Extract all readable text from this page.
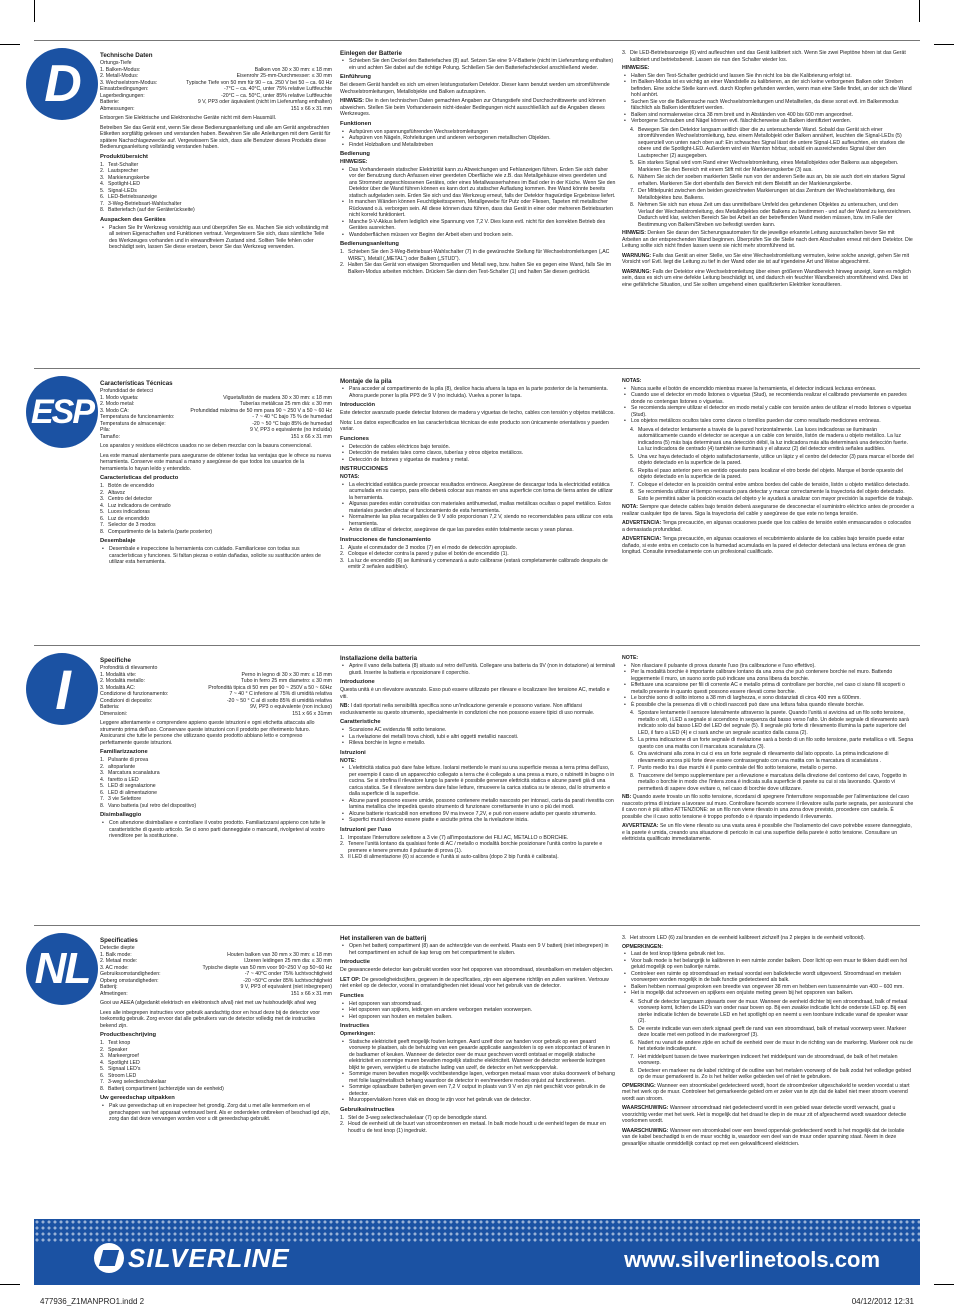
D	Technische Daten
Ortungs-Tiefe
1. Balken-Modus:	Balken von 30 x 30 mm: ≤ 18 mm
2. Metall-Modus:	Eisenrohr 25-mm-Durchmesser: ≤ 30 mm
3. Wechselstrom-Modus:	Typische Tiefe von 50 mm für 90 – ca. 250 V bei 50 – ca. 60 Hz
Einsatzbedingungen:	-7°C – ca. 40°C, unter 75% relative Luftfeuchte
Lagerbedingungen:	-20°C – ca. 50°C, unter 85% relative Luftfeuchte
Batterie:	9 V, PP3 oder äquivalent (nicht im Lieferumfang enthalten)
Abmessungen:	151 x 66 x 31 mm

Entsorgen Sie Elektrische und Elektronische Geräte nicht mit dem Hausmüll.

Betreiben Sie das Gerät erst, wenn Sie diese Bedienungsanleitung und alle am Gerät angebrachten Etiketten sorgfältig gelesen und verstanden haben. Bewahren Sie alle Anleitungen mit dem Gerät für spätere Nachschlagezwecke auf. Vergewissern Sie sich, dass alle Benutzer dieses Produkts diese Bedienungsanleitung vollständig verstanden haben.

Produktübersicht
1. Test-Schalter
2. Lautsprecher
3. Markierungskerbe
4. Spotlight-LED
5. Signal-LEDs
6. LED-Betriebsanzeige
7. 3-Weg-Betriebsart-Wahlschalter
8. Batteriefach (auf der Geräterückseite)
Auspacken des Gerätes
• Packen Sie Ihr Werkzeug vorsichtig aus und überprüfen Sie es. Machen Sie sich vollständig mit all seinen Eigenschaften und Funktionen vertraut. Vergewissern Sie sich, dass sämtliche Teile des Werkzeuges vorhanden und in einwandfreiem Zustand sind. Sollten Teile fehlen oder beschädigt sein, lassen Sie diese ersetzen, bevor Sie das Werkzeug verwenden.
Einlegen der Batterie
• Schieben Sie den Deckel des Batteriefaches (8) auf. Setzen Sie eine 9-V-Batterie (nicht im Lieferumfang enthalten) ein und achten Sie dabei auf die richtige Polung. Schließen Sie den Batteriefachdeckel anschließend wieder.
Einführung

Bei diesem Gerät handelt es sich um einen leistungsstarken Detektor. Dieser kann benutzt werden um stromführende Wechselstromleitungen, Metallobjekte und Balken aufzuspüren.

HINWEIS: Die in den technischen Daten gemachten Angaben zur Ortungstiefe sind Durchschnittswerte und können abweichen. Stellen Sie beim Vorhandensein nicht-idealer Bedingungen nicht ausschließlich auf die Angaben dieses Werkzeuges.

Funktionen
• Aufspüren von spannungsführenden Wechselstromleitungen
• Aufspüren von Nägeln, Rohrleitungen und anderen verborgenen metallischen Objekten.
• Findet Holzbalken und Metallstreben
Bedienung

HINWEISE:

• Das Vorhandensein statischer Elektrizität kann zu Abweichungen und Fehlanzeigen führen. Erden Sie sich daher vor der Benutzung durch Anfassen einer geerdeten Oberfläche wie z.B. das Metallgehäuse eines geerdeten und ans Stromnetz angeschlossenen Gerätes, oder eines Metallwasserhahnes im Bad oder in der Küche. Wenn Sie den Detektor über die Wand führen können es kann dort zu statischer Aufladung kommen. Ihre Wand könnte bereits statisch aufgeladen sein. Erden Sie sich und das Werkzeug erneut, falls der Detektor fragwürdige Ergebnisse liefert.
• In manchen Wänden können Feuchtigkeitssperren, Metallgewebe für Putz oder Fliesen, Tapeten mit metallischer Rückwand o.ä. verborgen sein. All diese können dazu führen, dass das Gerät in einer oder mehreren Betriebsarten nicht korrekt funktioniert.
• Manche 9-V-Akkus liefern lediglich eine Spannung von 7,2 V. Dies kann evtl. nicht für den korrekten Betrieb des Gerätes ausreichen.
• Wandoberflächen müssen vor Beginn der Arbeit eben und trocken sein.
Bedienungsanleitung
1. Schieben Sie den 3-Weg-Betriebsart-Wahlschalter (7) in die gewünschte Stellung für Wechselstromleitungen („AC WIRE“), Metall („METAL“) oder Balken („STUD“).
2. Halten Sie das Gerät von etwaigen Stromquellen und Metall weg, bzw. halten Sie es gegen eine Wand, falls Sie im Balken-Modus arbeiten möchten. Drücken Sie dann den Test-Schalter (1) und halten Sie diesen gedrückt.
3. Die LED-Betriebsanzeige (6) wird aufleuchten und das Gerät kalibriert sich. Wenn Sie zwei Pieptöne hören ist das Gerät kalibriert und betriebsbereit. Lassen sie nun den Schalter wieder los.

HINWEISE:

• Halten Sie den Test-Schalter gedrückt und lassen Sie ihn nicht los bis die Kalibrierung erfolgt ist.
• Im Balken-Modus ist es wichtig an einer Wandstelle zu kalibrieren, an der sich keine verborgenen Balken oder Streben befinden. Eine solche Stelle kann evtl. durch Klopfen gefunden werden, wenn man eine Stelle findet, an der sich die Wand hohl anhört.
• Suchen Sie vor die Balkensuche nach Wechselstromleitungen und Metallteilen, da diese sonst evtl. im Balkenmodus fälschlich als Balken identifiziert werden.
• Balken sind normalerweise circa 38 mm breit und in Abständen von 400 bis 600 mm angeordnet.
• Verborgene Schrauben und Nägel können evtl. fälschlicherweise als Balken identifiziert werden.
4. Bewegen Sie den Detektor langsam seitlich über die zu untersuchende Wand. Sobald das Gerät sich einer stromführenden Wechselstromleitung, bzw. einem Metallobjekt oder Balken annähert, leuchten die Signal-LEDs (5) sequenziell von unten nach oben auf: Ein schwaches Signal lässt die untere Signal-LED aufleuchten, ein starkes die obere und die Spotlight-LED. Außerdem wird ein Warnton hörbar, sobald ein ausreichendes Signal über den Lautsprecher (2) ausgegeben.
5. Ein starkes Signal wird vom Rand einer Wechselstromleitung, eines Metallobjektes oder Balkens aus abgegeben. Markieren Sie den Bereich mit einem Stift mit der Markierungskerbe (3) aus.
6. Nähern Sie sich der soeben markierten Stelle nun von der anderen Seite aus an, bis sie auch dort ein starkes Signal erhalten. Markieren Sie dort ebenfalls den Bereich mit dem Bleistift an der Markierungskerbe.
7. Der Mittelpunkt zwischen den beiden gezeichneten Markierungen ist das Zentrum der Wechselstromleitung, des Metallobjektes bzw. Balkens.
8. Nehmen Sie sich nun etwas Zeit um das unmittelbare Umfeld des gefundenen Objektes zu untersuchen, und den Verlauf der Wechselstromleitung, des Metallobjektes oder Balkens zu bestimmen - und auf der Wand zu kennzeichnen. Dadurch wird klar, welchen Bereich Sie bei Arbeit an der betreffenden Wand meiden müssen, bzw. im Falle der Bestimmung von Balken/Streben wo befestigt werden kann.

HINWEIS: Denken Sie daran den Sicherungsautomaten für die jeweilige erkannte Leitung auszuschalten bevor Sie mit Arbeiten an der entsprechenden Wand beginnen. Überprüfen Sie die Stelle nach dem Abschalten erneut mit dem Detektor. Die Leitung sollte sich nicht finden lassen wenn sie nicht mehr stromführend ist.

WARNUNG: Falls das Gerät an einer Stelle, wo Sie eine Wechselstromleitung vermuten, keine solche anzeigt, gehen Sie mit Vorsicht vor! Evtl. liegt die Leitung zu tief in der Wand oder sie ist auf irgendeine Art und Weise abgeschirmt.

WARNUNG: Falls der Detektor eine Wechselstromleitung über einen größeren Wandbereich hinweg anzeigt, kann es möglich sein, dass es sich um eine defekte Leitung beschädigt ist, und dadurch ein feuchter Wandbereich stromführend wird. Dies ist eine gefährliche Situation, und Sie sollten umgehend einen qualifizierten Elektriker konsultieren.

ESP
Características Técnicas
Profundidad de detecci
1. Modo viguetа:	Vigueta/listón de madera 30 x 30 mm: ≤ 18 mm
2. Modo metal:	Tuberías metálicas 25 mm diá: ≤ 30 mm
3. Modo CA:	Profundidad máxima de 50 mm para 90 ~ 250 V a 50 ~ 60 Hz
Temperatura de funcionamiento:	- 7 ~ 40 °C bajo 75 % de humedad
Temperatura de almacenaje:	-20 ~ 50 °C bajo 85% de humedad
Pila:	9 V, PP3 o equivalente (no incluida)
Tamaño:	151 x 66 x 31 mm

Los aparatos y residuos eléctricos usados no se deben mezclar con la basura convencional.

Lea este manual atentamente para asegurarse de obtener todas las ventajas que le ofrece su nueva herramienta. Conserve este manual a mano y asegúrese de que todos los usuarios de la herramienta lo hayan leído y entendido.

Características del producto
1. Botón de encendido
2. Altavoz
3. Centro del detector
4. Luz indicadora de centrado
5. Luces indicadoras
6. Luz de encendido
7. Selector de 3 modos
8. Compartimento de la batería (parte posterior)
Desembalaje
• Desembale e inspeccione la herramienta con cuidado. Familiarícese con todas sus características y funciones. Si faltan piezas o están dañadas, solicite su sustitución antes de utilizar esta herramienta.
Montaje de la pila
• Para acceder al compartimento de la pila (8), deslice hacia afuera la tapa en la parte posterior de la herramienta. Ahora puede poner la pila PP3 de 9 V (no incluida). Vuelva a poner la tapa.
Introducción

Este detector avanzado puede detectar listones de madera y viguetas de techo, cables con tensión y objetos metálicos.

Nota: Los datos especificados en las características técnicas de este producto son únicamente orientativos y pueden variar.

Funciones
• Detección de cables eléctricos bajo tensión.
• Detección de metales tales como clavos, tuberías y otros objetos metálicos.
• Detección de listones y viguetas de madera y metal.
INSTRUCCIONES

NOTAS:

• La electricidad estática puede provocar resultados erróneos. Asegúrese de descargar toda la electricidad estática acumulada en su cuerpo, para ello deberá colocar sus manos en una superficie con toma de tierra antes de utilizar la herramienta.
• Algunas paredes están construidas con materiales antihumedad, mallas metálicas ocultas o papel metálico. Estos materiales pueden afectar el funcionamiento de esta herramienta.
• Normalmente las pilas recargables de 9 V sólo proporcionan 7,2 V, siendo no recomendables para utilizar con esta herramienta.
• Antes de utilizar el detector, asegúrese de que las paredes estén totalmente secas y sean planas.
Instrucciones de funcionamiento
1. Ajuste el conmutador de 3 modos (7) en el modo de detección apropiado.
2. Coloque el detector contra la pared y pulse el botón de encendido (1).
3. La luz de encendido (6) se iluminará y comenzará a auto calibrarse (estará completamente calibrado después de emitir 2 señales audibles).

NOTAS:

• Nunca suelte el botón de encendido mientras mueve la herramienta, el detector indicará lecturas erróneas.
• Cuando use el detector en modo listones o viguetas (Stud), se recomienda realizar el calibrado previamente en paredes donde no contengan listones o viguetas.
• Se recomienda siempre utilizar el detector en modo metal y cable con tensión antes de utilizar el modo listones o viguetas (Stud).
• Los objetos metálicos ocultos tales como clavos o tornillos pueden dar como resultado mediciones erróneas.
4. Mueva el detector lentamente a través de la pared horizontalmente. Las luces indicadoras se iluminarán automáticamente cuando el detector se acerque a un cable con tensión, listón de madera u objeto metálico. La luz indicadora (5) más baja determinará una detección débil, la luz indicadora más alta determinará una detección fuerte. La luz indicadora de centrado (4) también se iluminará y el altavoz (2) del detector emitirá señales audibles.
5. Una vez haya detectado el objeto satisfactoriamente, utilice un lápiz y el centro del detector (3) para marcar el borde del objeto detectado en la superficie de la pared.
6. Repita el paso anterior pero en sentido opuesto para localizar el otro borde del objeto. Marque el borde opuesto del objeto detectado en la superficie de la pared.
7. Coloque el detector en la posición central entre ambos bordes del cable de tensión, listón u objeto metálico detectado.
8. Se recomienda utilizar el tiempo necesario para detectar y marcar correctamente la trayectoria del objeto detectado. Esto le permitirá saber la posición exacta del objeto y le ayudará a analizar con mayor precisión la superficie de trabajo.

NOTA: Siempre que detecte cables bajo tensión deberá asegurarse de desconectar el suministro eléctrico antes de proceder a realizar cualquier tipo de tarea. Siga la trayectoria del cable y asegúrese de que este no tenga tensión.

ADVERTENCIA: Tenga precaución, en algunas ocasiones puede que los cables de tensión estén enmascarados o colocados a demasiada profundidad.

ADVERTENCIA: Tenga precaución, en algunas ocasiones el recubrimiento aislante de los cables bajo tensión puede estar dañado, si este entra en contacto con la humedad acumulada en la pared el detector detectará una lectura errónea de gran longitud. Consulte inmediatamente con un profesional cualificado.

I	Specifiche
Profondità di rilevamento
1. Modalità vite:	Perno in legno di 30 x 30 mm: ≤ 18 mm
2. Modalità metallo:	Tubo in ferro 25 mm diametro: ≤ 30 mm
3. Modalità AC:	Profondità tipica di 50 mm per 90 ~ 250V a 50 ~ 60Hz
Condizione di funzionamento:	7 ~ 40 ° C inferiore al 75% di umidità relativa
Condizioni di deposito:	-20 ~ 50 ° C al di sotto 85% di umidità relativa
Batteria:	9V, PP3 o equivalente (non incluso)
Dimensioni:	151 x 66 x 31mm

Leggere attentamente e comprendere appieno queste istruzioni e ogni etichetta attaccata allo strumento prima dell'uso. Conservare queste istruzioni con il prodotto per riferimento futuro. Assicurarsi che tutte le persone che utilizzano questo prodotto abbiano letto e compreso perfettamente queste istruzioni.

Familiarizzazione
1. Pulsante di prova
2. altoparlante
3. Marcatura scanalatura
4. faretto a LED
5. LED di segnalazione
6. LED di alimentazione
7. 3 vie Selettore
8. Vano batteria (sul retro del dispositivo)
Disimballaggio
• Con attenzione disimballare e controllare il vostro prodotto. Familiarizzarsi appieno con tutte le caratteristiche di questo articolo. Se ci sono parti danneggiate o mancanti, rivolgetevi al vostro rivenditore per la sostituzione.
Installazione della batteria
• Aprire il vano della batteria (8) situato sul retro dell'unità. Collegare una batteria da 9V (non in dotazione) ai terminali giusti. Inserire la batteria e riposizionare il coperchio.
Introduzione

Questa unità è un rilevatore avanzato. Esso può essere utilizzato per rilevare e localizzare live tensione AC, metallo e viti.

NB: I dati riportati nella sensibilità specifica sono un'indicazione generale e possono variare. Non affidarsi esclusivamente su questo strumento, specialmente in condizioni che non possono essere tipici di uso normale.

Caratteristiche
• Scansione AC evidenzia fili sotto tensione.
• La rivelazione dei metalli trova chiodi, tubi e altri oggetti metallici nascosti.
• Rileva borchie in legno e metallo.
Istruzioni

NOTE:

• L'elettricità statica può dare false letture. Isolarsi mettendo le mani su una superficie messa a terra prima dell'uso, per esempio il caso di un apparecchio collegato a terra che è collegato a una presa a muro, o rubinetti in bagno o in cucina. Se si strofina il rilevatore lungo la parete è possibile generare elettricità statica e alcune pareti già di una carica statica. Se il rilevatore sembra dare false letture, rimuovere la carica statica su te stesso, dal lo strumento e dalla superficie di la superficie.
• Alcune pareti possono essere umide, possono contenere metallo nascosto per intonaci, carta da parati rivestita con lamina metallica che impedirà questo strumento di funzionare correttamente in uno o più dei modi.
• Alcune batterie ricaricabili non emettono 9V ma invece 7,2V, e può non essere adatto per questo strumento.
• Superfici murali devono essere piatte e asciutte prima che la rivelazione inizia.
Istruzioni per l'uso
1. Impostare l'interruttore selettore a 3 vie (7) all'impostazione dei FILI AC, METALLO o BORCHIE.
2. Tenere l'unità lontano da qualsiasi fonte di AC / metallo o modalità borchie posizionare l'unità contro la parete e premere e tenere premuto il pulsante di prova (1).
3. Il LED di alimentazione (6) si accende e l'unità si auto-calibra (dopo 2 bip l'unità è calibrata).

NOTE:

• Non rilasciare il pulsante di prova durante l'uso (tra calibrazione e l'uso effettivo).
• Per la modalità borchie è importante calibrare lontano da una zona che può contenere borchie nel muro. Battendo leggermente il muro, un suono sordo può indicare una zona libera da borchie.
• Effettuare una scansione per fili di corrente AC e metallo prima di controllare per borchie, nel caso ci siano fili scoperti o metallo presente in quanto questi possono essere rilevati come borchie.
• Le borchie sono di solito intorno a 38 mm di larghezza, e sono distanziati di circa 400 mm a 600mm.
• È possibile che la presenza di viti o chiodi nascosti può dare una lettura falsa quando rilevate borchie.
4. Spostare lentamente il sensore lateralmente attraverso la parete. Quando l'unità si avvicina ad un filo sotto tensione, metallo o viti, i LED a segnale si accendono in sequenza dal basso verso l'alto. Un debole segnale di rilevamento sarà indicato solo dal basso LED del LED del segnale (5). Il segnale più forte di rilevamento illumina la parte superiore del LED, il faro a LED (4) e ci sarà anche un segnale acustico dalla cassa (2).
5. La prima indicazione di un forte segnale di rivelazione sarà a bordo di un filo sotto tensione, parte metallica o viti. Segna questo con una matita con il marcatura scanalatura (3).
6. Ora avvicinarsi alla zona in cui ci era un forte segnale di rilevamento dal lato opposto. La prima indicazione di rilevamento ancora più forte deve essere contrassegnato con una matita con la marcatura di scanalatura .
7. Punto medio tra i due marchi è il punto centrale del filo sotto tensione, metallo o perno.
8. Trascorrere del tempo supplementare per a rilevazione e marcatura della direzione del contorno del cavo, l'oggetto in metallo o borchie in modo che l'intera zona è indicata sulla superficie di parete su cui si sta lavorando. Questo vi permetterà di sapere dove evitare o, nel caso di borchie dove utilizzare.

NB: Quando avete trovato un filo sotto tensione, ricordarsi di spegnere l'interruttore responsabile per l'alimentazione del cavo nascosto prima di iniziare a lavorare sul muro. Controllare facendo scorrere il rilevatore sulla parte segnata, per assicurarsi che il cavo non è più attivo ATTENZIONE: se un filo non viene rilevato in una zona dove previsto, procedere con cautela. È possibile che il cavo sotto tensione è troppo profondo o è riparato impedendo il rilevamento.

AVVERTENZA: Se un filo viene rilevato su una vasta area è possibile che l'isolamento del cavo potrebbe essere danneggiato, e la parete è umida, creando una situazione di pericolo in cui una superficie della parete è sotto tensione. Consultare un elettricista qualificato immediatamente.

NL
Specificaties
Detectie diepte
1. Balk mode:	Houten balken van 30 mm x 30 mm: ≤ 18 mm
2. Metaal mode:	IJzeren leidingen 25 mm dia: ≤ 30 mm
3. AC mode:	Typische diepte van 50 mm voor 90~250 V op 50~60 Hz
Gebruiksomstandigheden:	-7 ~ 40°C onder 75% luchtvochtigheid
Opberg omstandigheden:	-20 ~50°C onder 85% luchtvochtigheid
Batterij:	9 V, PP3 of equivalent (niet inbegrepen)
Afmetingen:	151 x 66 x 31 mm

Gooi uw AEEA (afgedankt elektrisch en elektronisch afval) niet met uw huishoudelijk afval weg

Lees alle inbegrepen instructies voor gebruik aandachtig door en houd deze bij de detector voor toekomstig gebruik. Zorg ervoor dat alle gebruikers van de detector volledig met de instructies bekend zijn.

Productbeschrijving
1. Test knop
2. Speaker
3. Markeergroef
4. Spotlight LED
5. Signaal LED's
6. Stroom LED
7. 3-weg selectieschakelaar
8. Batterij compartiment (achterzijde van de eenheid)
Uw gereedschap uitpakken
• Pak uw gereedschap uit en inspecteer het grondig. Zorg dat u met alle kenmerken en el genschappen van het apparaat vertrouwd bent. Als er onderdelen ontbreken of beschad igd zijn, zorg dan dat deze vervangen worden voor u dit gereedschap gebruikt.
Het installeren van de batterij
• Open het batterij compartiment (8) aan de achterzijde van de eenheid. Plaats een 9 V batterij (niet inbegrepen) in het compartiment en schuif de kap terug om het compartiment te sluiten.
Introductie

De geavanceerde detector kan gebruikt worden voor het opsporen van stroomdraad, steunbalken en metalen objecten.

LET OP: De gevoeligheidscijfers, gegeven in de specificaties, zijn een algemene richtlijn en zullen variëren. Vertrouw niet enkel op de detector, vooral in omstandigheden niet ideaal voor het gebruik van de detector.

Functies
• Het opsporen van stroomdraad.
• Het opsporen van spijkers, leidingen en andere verborgen metalen voorwerpen.
• Het opsporen van houten en metalen balken.
Instructies

Opmerkingen:

• Statische elektriciteit geeft mogelijk fouten lezingen. Aard uzelf door uw handen voor gebruik op een geaard voorwerp te plaatsen, als de behuizing van een geaarde applicatie aangesloten is op een stopcontact of kranen in de badkamer of keuken. Wanneer de detector over de muur geschoven wordt ontstaat er mogelijk statische elektriciteit en sommige muren bevatten mogelijk statische elektriciteit. Wanneer de detector verkeerde lezingen blijkt te geven, verwijdert u de statische lading van uzelf, de detector en het werkoppervlak.
• Sommige muren bevatten mogelijk vochtbestendige lagen, verborgen metaal maas voor stuka doorswerk of behang met folie laag/metallisch behang waardoor de detector in een/meerdere modes onjuist zal functioneren.
• Sommige oplaadbare batterijen geven een 7,2 V output in plaats van 9 V en zijn niet geschikt voor gebruik in de detector.
• Muuroppervlakken horen vlak en droog te zijn voor het gebruik van de detector.
Gebruiksinstructies
1. Stel de 3-weg selectieschakelaar (7) op de benodigde stand.
2. Houd de eenheid uit de buurt van stroombronnen en metaal. In balk mode houdt u de eenheid tegen de muur en houdt u de test knop (1) ingedrukt.
3. Het stroom LED (6) zal branden en de eenheid kalibreert zichzelf (na 2 piepjes is de eenheid voltooid).

OPMERKINGEN:

• Laat de test knop tijdens gebruik niet los.
• Voor balk mode is het belangrijk te kalibreren in een ruimte zonder balken. Door licht op een muur te tikken duidt een hol geluid mogelijk op een balkvrije ruimte.
• Controleer een ruimte op stroomdraad en metaal voordat een balkdetectie wordt uitgevoerd. Stroomdraad en metalen voorwerpen worden mogelijk in de balk functie gedetecteerd als balk.
• Balken hebben normaal gesproken een breedte van ongeveer 38 mm en hebben een tussenruimte van 400 – 600 mm.
• Het is mogelijk dat schroeven en spijkers een onjuiste meting geven bij het opsporen van balken.
4. Schuif de detector langzaam zijwaarts over de muur. Wanneer de eenheid dichter bij een stroomdraad, balk of metaal voorwerp komt, lichten de LED's van onder naar boven op. Bij een zwakke indicatie licht de onderste LED op. Bij een sterke indicatie lichten de bovenste LED en het spotlight op en neemt u een toonbare indicatie vanaf de speaker waar (2).
5. De eerste indicatie van een sterk signaal geeft de rand van een stroomdraad, balk of metaal voorwerp weer. Markeer deze locatie met een potlood in de markeergroef (3).
6. Nadert nu vanuit de andere zijde en schuif de eenheid over de muur in de richting van de markering. Markeer ook nu de het sterkste indicatiepunt.
7. Het middelpunt tussen de twee markeringen indiceert het middelpunt van de stroomdraad, de balk of het metalen voorwerp.
8. Detecteer en markeer nu de kabel richting of de outline van het metalen voorwerp of de balk zodat het volledige gebied op de muur gemarkeerd is. Zo is het helder welke gebieden wel of niet te gebruiken.

OPMERKING: Wanneer een stroomkabel gedetecteerd wordt, hoort de stroombreker uitgeschakeld te worden voordat u start met het werk op de muur. Controleer het gemarkeerde gebied om er zeker van te zijn dat de kabel niet meer stroom voerend wordt aan stroom.

WAARSCHUWING: Wanneer stroomdraad niet gedetecteerd wordt in een gebied waar detectie wordt verwacht, gaat u voorzichtig verder met het werk. Het is mogelijk dat het draad te diep in de muur zit of afgeschermd wordt waardoor detectie voorkomen wordt.

WAARSCHUWING: Wanneer een stroomkabel over een breed oppervlak gedetecteerd wordt is het mogelijk dat de isolatie van de kabel beschadigd is en de muur vochtig is, waardoor een deel van de muur onder spanning staat. Neem in deze gevaarlijke situatie onmiddellijk contact op met een gekwalificeerd elektricien.

SILVERLINE	www.silverlinetools.com
477936_Z1MANPRO1.indd 2	04/12/2012 12:31
